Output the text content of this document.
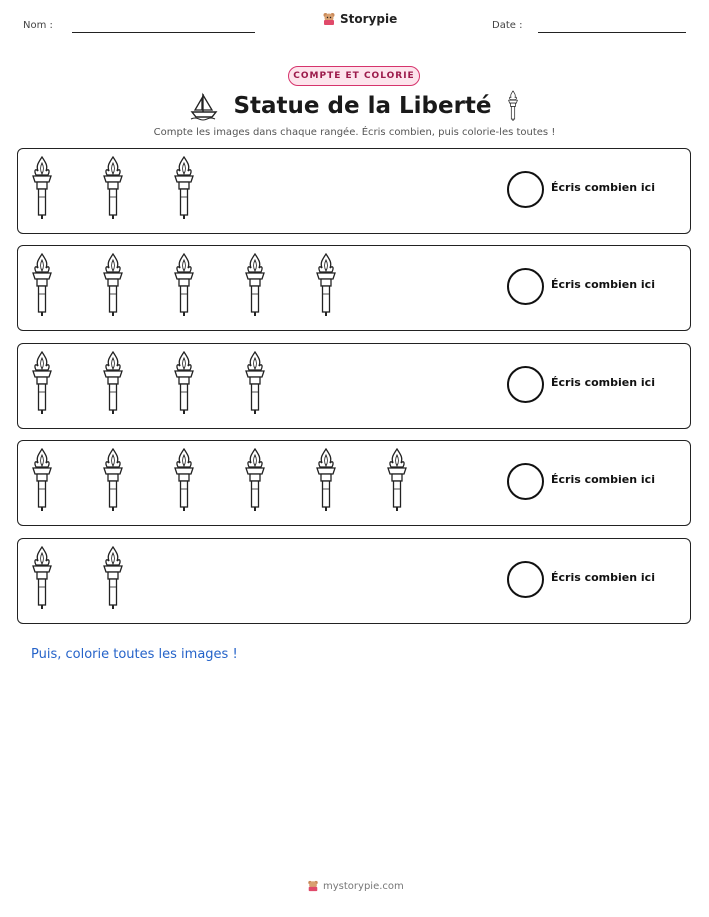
Nom :	Storypie	Date :
COMPTE ET COLORIE
Statue de la Liberté
Compte les images dans chaque rangée. Écris combien, puis colorie-les toutes !
Écris combien ici
Écris combien ici
Écris combien ici
Écris combien ici
Écris combien ici
Puis, colorie toutes les images !
mystorypie.com
